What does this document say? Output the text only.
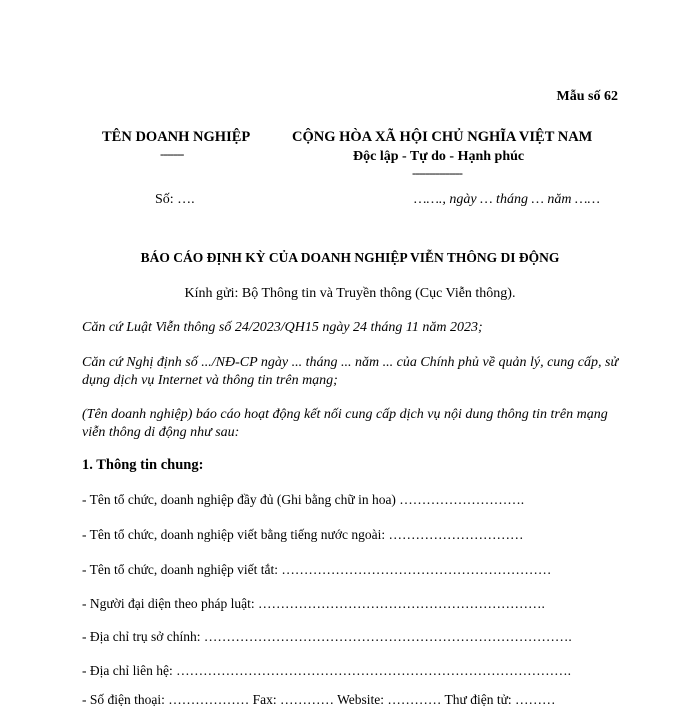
Mẫu số 62
TÊN DOANH NGHIỆP
-------
CỘNG HÒA XÃ HỘI CHỦ NGHĨA VIỆT NAM
Độc lập - Tự do - Hạnh phúc
---------------
Số: ….	……., ngày … tháng … năm ……
BÁO CÁO ĐỊNH KỲ CỦA DOANH NGHIỆP VIỄN THÔNG DI ĐỘNG
Kính gửi: Bộ Thông tin và Truyền thông (Cục Viễn thông).
Căn cứ Luật Viễn thông số 24/2023/QH15 ngày 24 tháng 11 năm 2023;
Căn cứ Nghị định số .../NĐ-CP ngày ... tháng ... năm ... của Chính phủ về quản lý, cung cấp, sử dụng dịch vụ Internet và thông tin trên mạng;
(Tên doanh nghiệp) báo cáo hoạt động kết nối cung cấp dịch vụ nội dung thông tin trên mạng viễn thông di động như sau:
1. Thông tin chung:
- Tên tổ chức, doanh nghiệp đầy đủ (Ghi bằng chữ in hoa) ……………………….
- Tên tổ chức, doanh nghiệp viết bằng tiếng nước ngoài: …………………………
- Tên tổ chức, doanh nghiệp viết tắt: ……………………………………………………
- Người đại diện theo pháp luật: ……………………………………………………….
- Địa chỉ trụ sở chính: ……………………………………………………………………….
- Địa chỉ liên hệ: …………………………………………………………………………….
- Số điện thoại: ……………… Fax: ………… Website: ………… Thư điện tử: ………
